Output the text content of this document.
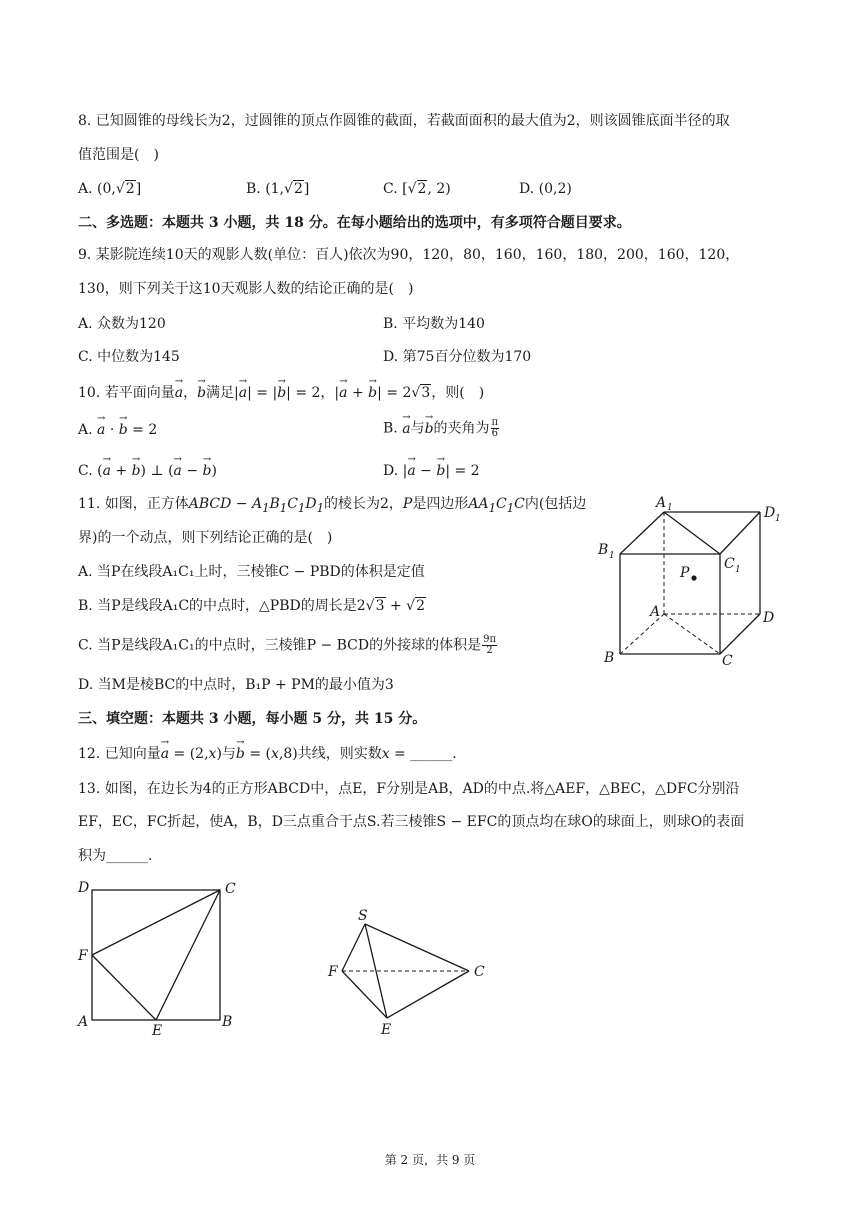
8. 已知圆锥的母线长为2，过圆锥的顶点作圆锥的截面，若截面面积的最大值为2，则该圆锥底面半径的取
值范围是(　)
A. (0,√2]	B. (1,√2]	C. [√2, 2)	D. (0,2)
二、多选题：本题共 3 小题，共 18 分。在每小题给出的选项中，有多项符合题目要求。
9. 某影院连续10天的观影人数(单位：百人)依次为90，120，80，160，160，180，200，160，120，
130，则下列关于这10天观影人数的结论正确的是(　)
A. 众数为120	B. 平均数为140
C. 中位数为145	D. 第75百分位数为170
10. 若平面向量→ a，→ b满足|→ a| = |→ b| = 2，|→ a + → b| = 2√3，则(　)
A. → a · → b = 2	B. → a与→ b的夹角为 $\frac{\pi}{6}$
C. (→ a + → b) ⊥ (→ a − → b)	D. |→ a − → b| = 2
11. 如图，正方体ABCD − $A_1B_1C_1D_1$的棱长为2，P是四边形$AA_1C_1C$内(包括边
界)的一个动点，则下列结论正确的是(　)
A. 当P在线段A₁C₁上时，三棱锥C − PBD的体积是定值
B. 当P是线段A₁C的中点时，△PBD的周长是2√3 + √2
C. 当P是线段A₁C₁的中点时，三棱锥P − BCD的外接球的体积是 $\frac{9\pi}{2}$
D. 当M是棱BC的中点时，B₁P + PM的最小值为3
A 1	D 1
B 1	C 1
P
A	D
B	C
三、填空题：本题共 3 小题，每小题 5 分，共 15 分。
12. 已知向量→ a = (2,x)与→ b = (x,8)共线，则实数x = ______.
13. 如图，在边长为4的正方形ABCD中，点E，F分别是AB，AD的中点.将△AEF，△BEC，△DFC分别沿
EF，EC，FC折起，使A，B，D三点重合于点S.若三棱锥S − EFC的顶点均在球O的球面上，则球O的表面
积为______.
D	C
F
A
E
B
S
F	C
E
第 2 页，共 9 页
